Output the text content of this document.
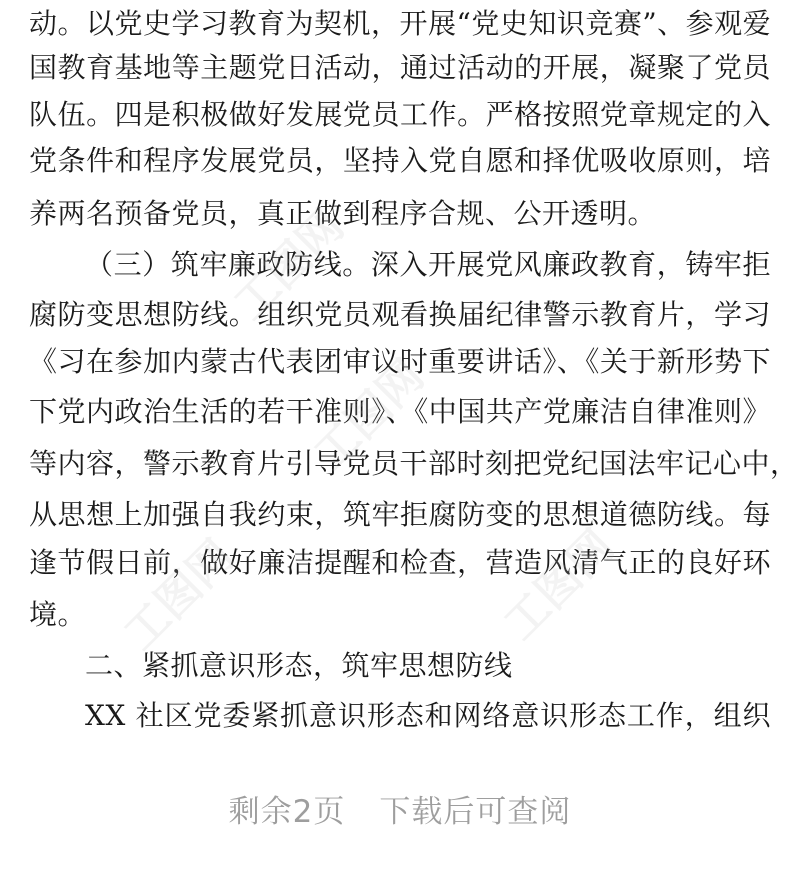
动。以党史学习教育为契机，开展“党史知识竞赛”、参观爱
国教育基地等主题党日活动，通过活动的开展，凝聚了党员
队伍。四是积极做好发展党员工作。严格按照党章规定的入
党条件和程序发展党员，坚持入党自愿和择优吸收原则，培
养两名预备党员，真正做到程序合规、公开透明。
（三）筑牢廉政防线。深入开展党风廉政教育，铸牢拒
腐防变思想防线。组织党员观看换届纪律警示教育片，学习
《习在参加内蒙古代表团审议时重要讲话》、《关于新形势下
下党内政治生活的若干准则》、《中国共产党廉洁自律准则》
等内容，警示教育片引导党员干部时刻把党纪国法牢记心中，
从思想上加强自我约束，筑牢拒腐防变的思想道德防线。每
逢节假日前，做好廉洁提醒和检查，营造风清气正的良好环
境。
二、紧抓意识形态，筑牢思想防线
XX 社区党委紧抓意识形态和网络意识形态工作，组织
工图网
工图网
工图网	工图网
剩余2页 下载后可查阅
